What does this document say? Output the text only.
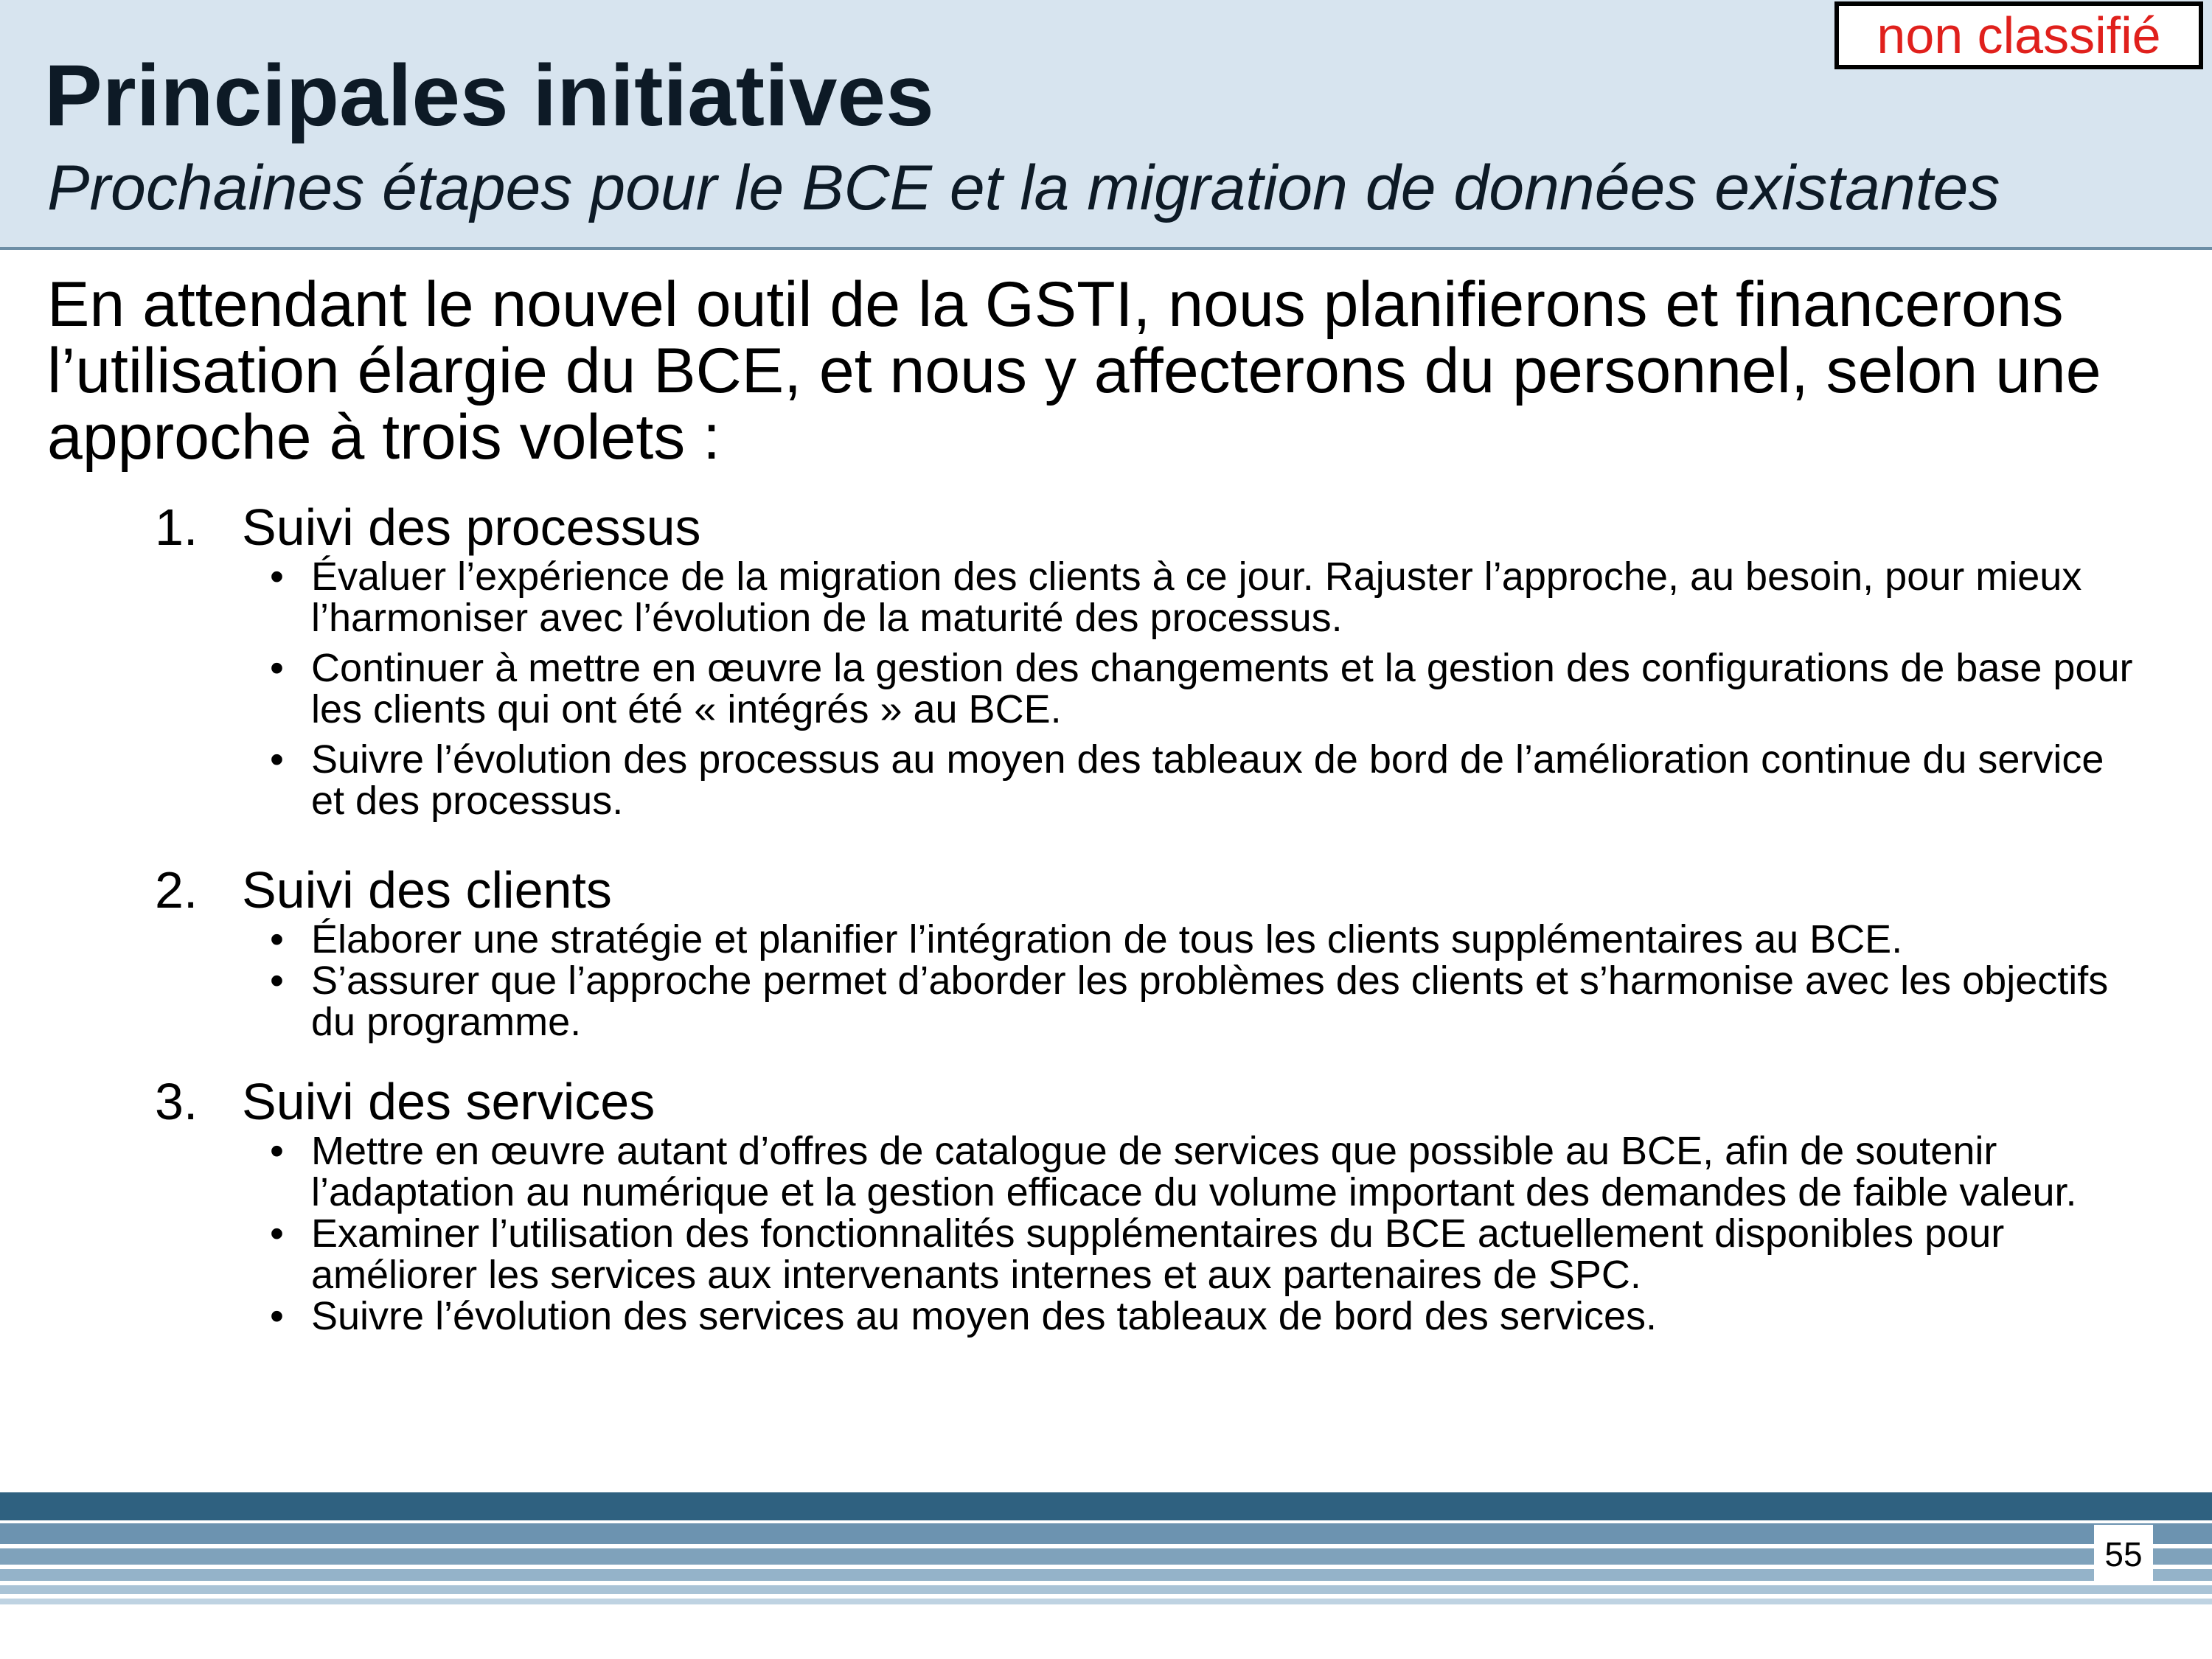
non classifié
Principales initiatives
Prochaines étapes pour le BCE et la migration de données existantes
En attendant le nouvel outil de la GSTI, nous planifierons et financerons l’utilisation élargie du BCE, et nous y affecterons du personnel, selon une approche à trois volets :
1. Suivi des processus
• Évaluer l’expérience de la migration des clients à ce jour. Rajuster l’approche, au besoin, pour mieux l’harmoniser avec l’évolution de la maturité des processus.
• Continuer à mettre en œuvre la gestion des changements et la gestion des configurations de base pour les clients qui ont été « intégrés » au BCE.
• Suivre l’évolution des processus au moyen des tableaux de bord de l’amélioration continue du service et des processus.
2. Suivi des clients
• Élaborer une stratégie et planifier l’intégration de tous les clients supplémentaires au BCE.
• S’assurer que l’approche permet d’aborder les problèmes des clients et s’harmonise avec les objectifs du programme.
3. Suivi des services
• Mettre en œuvre autant d’offres de catalogue de services que possible au BCE, afin de soutenir l’adaptation au numérique et la gestion efficace du volume important des demandes de faible valeur.
• Examiner l’utilisation des fonctionnalités supplémentaires du BCE actuellement disponibles pour améliorer les services aux intervenants internes et aux partenaires de SPC.
• Suivre l’évolution des services au moyen des tableaux de bord des services.
55
